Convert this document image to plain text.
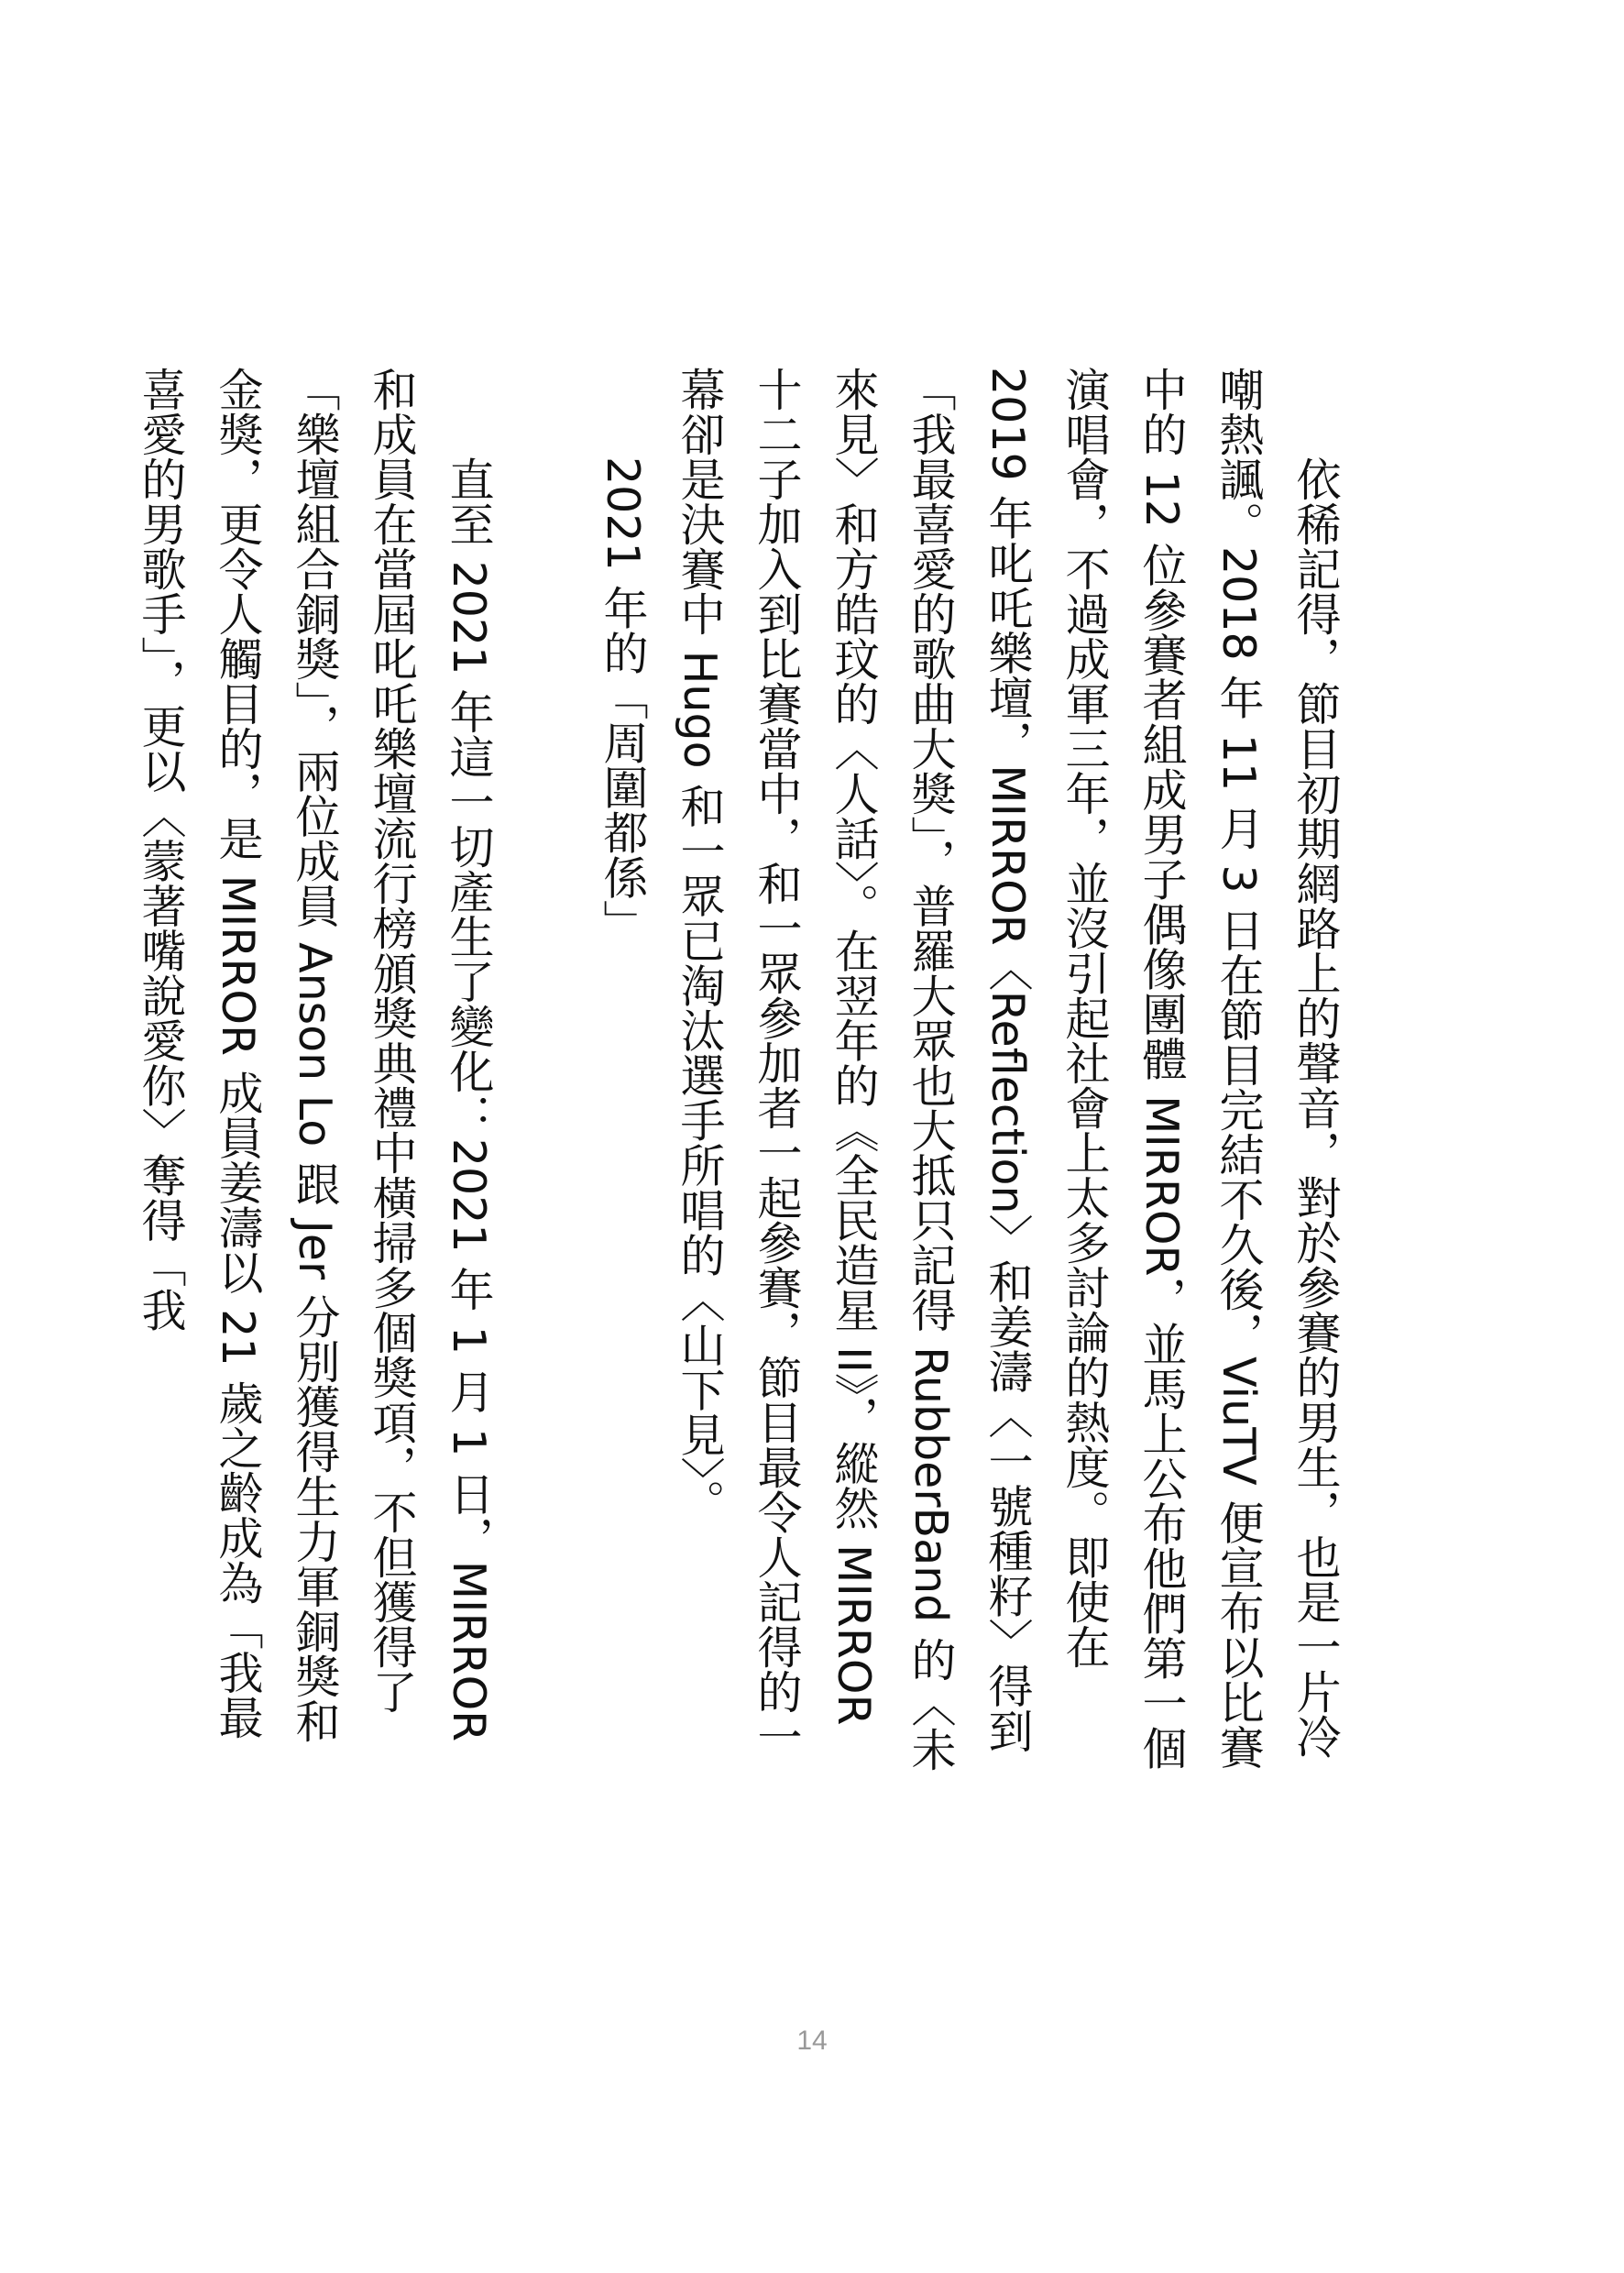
依稀記得，節目初期網路上的聲音，對於參賽的男生，也是一片冷嘲熱諷。2018 年 11 月 3 日在節目完結不久後，ViuTV 便宣布以比賽中的 12 位參賽者組成男子偶像團體 MIRROR，並馬上公布他們第一個演唱會，不過成軍三年，並沒引起社會上太多討論的熱度。即使在 2019 年叱吒樂壇，MIRROR〈Reflection〉和姜濤〈一號種籽〉得到「我最喜愛的歌曲大獎」，普羅大眾也大抵只記得 RubberBand 的〈未來見〉和方皓玟的〈人話〉。在翌年的《全民造星 II》，縱然 MIRROR 十二子加入到比賽當中，和一眾參加者一起參賽，節目最令人記得的一幕卻是決賽中 Hugo 和一眾已淘汰選手所唱的〈山下見〉。

2021 年的「周圍都係」

直至 2021 年這一切產生了變化：2021 年 1 月 1 日，MIRROR 和成員在當屆叱吒樂壇流行榜頒獎典禮中橫掃多個獎項，不但獲得了「樂壇組合銅獎」，兩位成員 Anson Lo 跟 Jer 分別獲得生力軍銅獎和金獎，更令人觸目的，是 MIRROR 成員姜濤以 21 歲之齡成為「我最喜愛的男歌手」，更以〈蒙著嘴說愛你〉奪得「我

14
